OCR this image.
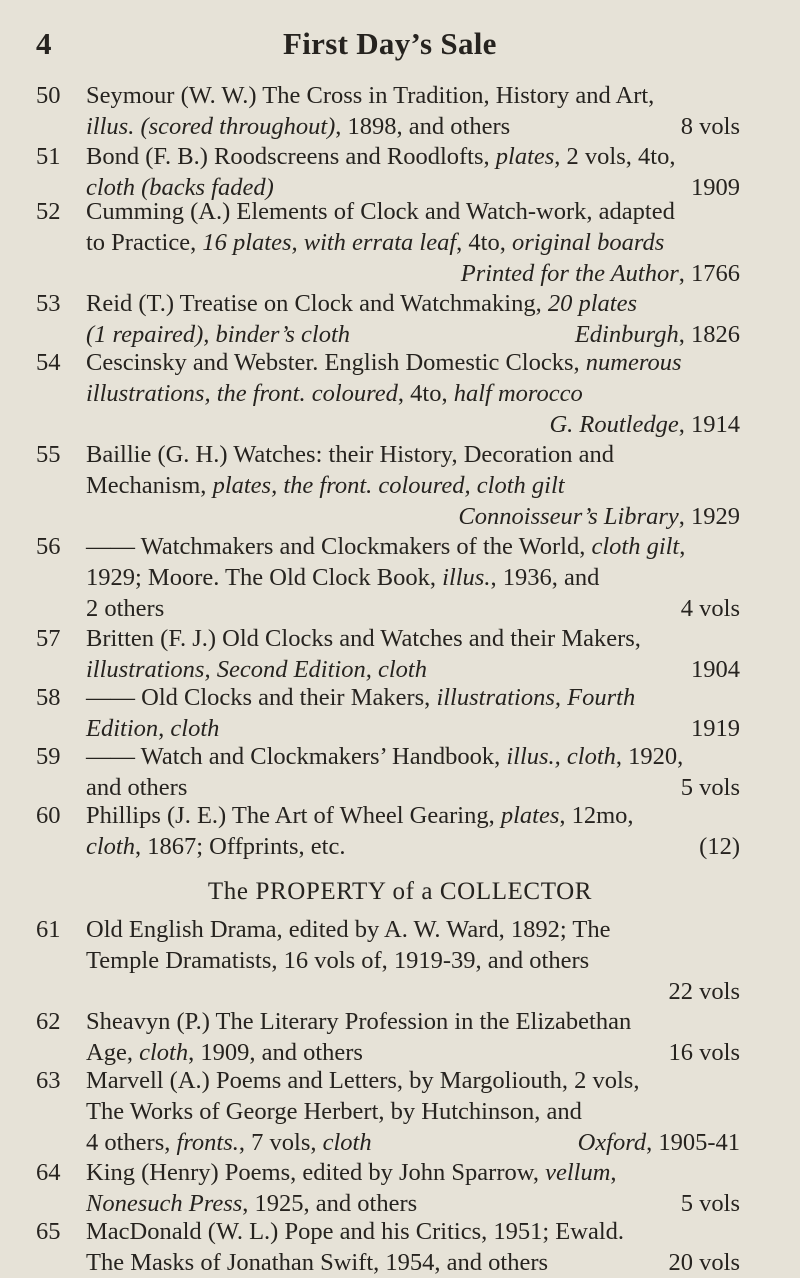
4	First Day’s Sale
The PROPERTY of a COLLECTOR
50 Seymour (W. W.) The Cross in Tradition, History and Art,
illus. (scored throughout), 1898, and others	8 vols
51 Bond (F. B.) Roodscreens and Roodlofts, plates, 2 vols, 4to,
cloth (backs faded)	1909
52 Cumming (A.) Elements of Clock and Watch-work, adapted
to Practice, 16 plates, with errata leaf, 4to, original boards
Printed for the Author, 1766
53 Reid (T.) Treatise on Clock and Watchmaking, 20 plates
(1 repaired), binder’s cloth	Edinburgh, 1826
54 Cescinsky and Webster. English Domestic Clocks, numerous
illustrations, the front. coloured, 4to, half morocco
G. Routledge, 1914
55 Baillie (G. H.) Watches: their History, Decoration and
Mechanism, plates, the front. coloured, cloth gilt
Connoisseur’s Library, 1929
56 —— Watchmakers and Clockmakers of the World, cloth gilt,
1929; Moore. The Old Clock Book, illus., 1936, and
2 others	4 vols
57 Britten (F. J.) Old Clocks and Watches and their Makers,
illustrations, Second Edition, cloth	1904
58 —— Old Clocks and their Makers, illustrations, Fourth
Edition, cloth	1919
59 —— Watch and Clockmakers’ Handbook, illus., cloth, 1920,
and others	5 vols
60 Phillips (J. E.) The Art of Wheel Gearing, plates, 12mo,
cloth, 1867; Offprints, etc.	(12)
61 Old English Drama, edited by A. W. Ward, 1892; The
Temple Dramatists, 16 vols of, 1919-39, and others
22 vols
62 Sheavyn (P.) The Literary Profession in the Elizabethan
Age, cloth, 1909, and others	16 vols
63 Marvell (A.) Poems and Letters, by Margoliouth, 2 vols,
The Works of George Herbert, by Hutchinson, and
4 others, fronts., 7 vols, cloth	Oxford, 1905-41
64 King (Henry) Poems, edited by John Sparrow, vellum,
Nonesuch Press, 1925, and others	5 vols
65 MacDonald (W. L.) Pope and his Critics, 1951; Ewald.
The Masks of Jonathan Swift, 1954, and others	20 vols
